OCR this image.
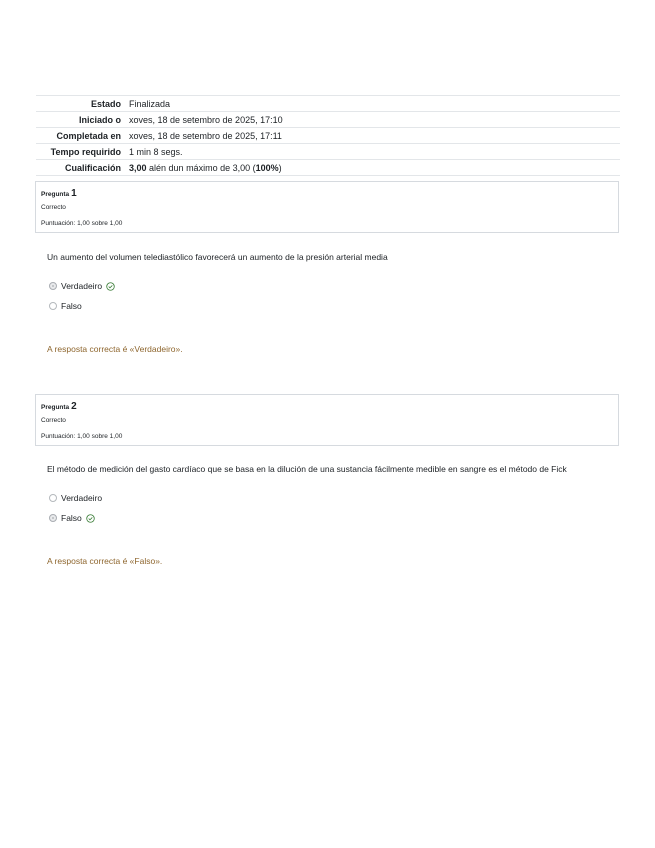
Estado	Finalizada
Iniciado o	xoves, 18 de setembro de 2025, 17:10
Completada en	xoves, 18 de setembro de 2025, 17:11
Tempo requirido	1 min 8 segs.
Cualificación	3,00 alén dun máximo de 3,00 (100%)
Pregunta 1
Correcto
Puntuación: 1,00 sobre 1,00
Un aumento del volumen telediastólico favorecerá un aumento de la presión arterial media
Verdadeiro
Falso
A resposta correcta é «Verdadeiro».
Pregunta 2
Correcto
Puntuación: 1,00 sobre 1,00
El método de medición del gasto cardíaco que se basa en la dilución de una sustancia fácilmente medible en sangre es el método de Fick
Verdadeiro
Falso
A resposta correcta é «Falso».
